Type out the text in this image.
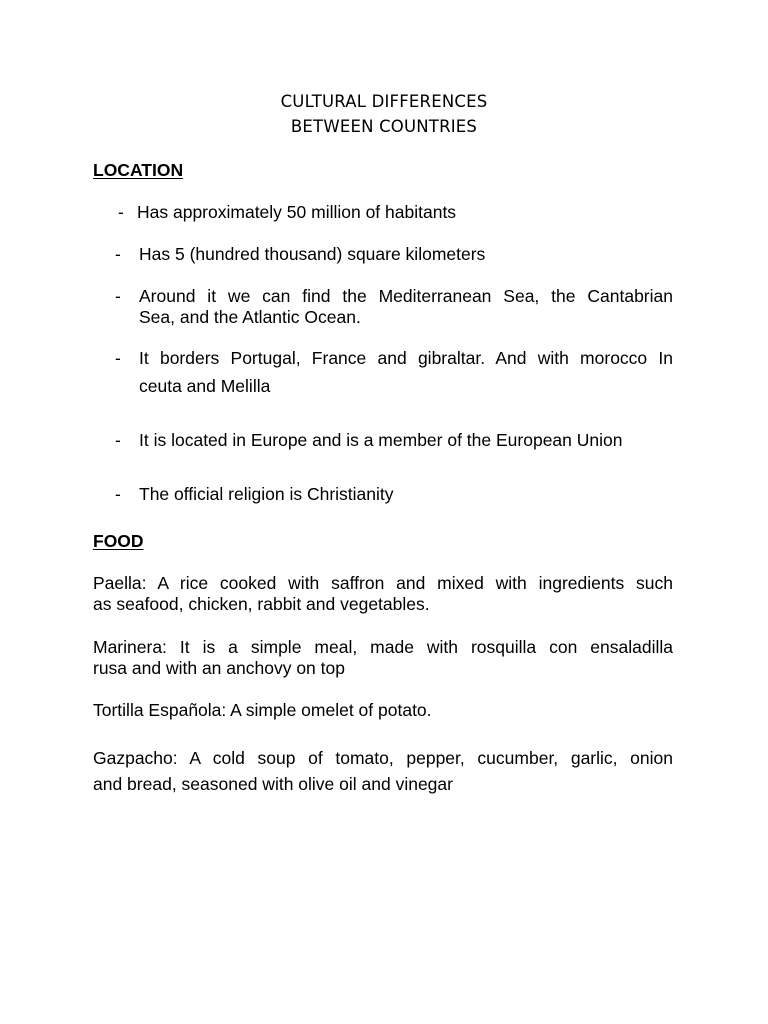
CULTURAL DIFFERENCES
BETWEEN COUNTRIES
LOCATION
- Has approximately 50 million of habitants
- Has 5 (hundred thousand) square kilometers
- Around it we can find the Mediterranean Sea, the Cantabrian
Sea, and the Atlantic Ocean.
- It borders Portugal, France and gibraltar. And with morocco In
ceuta and Melilla
- It is located in Europe and is a member of the European Union
- The official religion is Christianity
FOOD
Paella: A rice cooked with saffron and mixed with ingredients such
as seafood, chicken, rabbit and vegetables.
Marinera: It is a simple meal, made with rosquilla con ensaladilla
rusa and with an anchovy on top
Tortilla Española: A simple omelet of potato.
Gazpacho: A cold soup of tomato, pepper, cucumber, garlic, onion
and bread, seasoned with olive oil and vinegar
